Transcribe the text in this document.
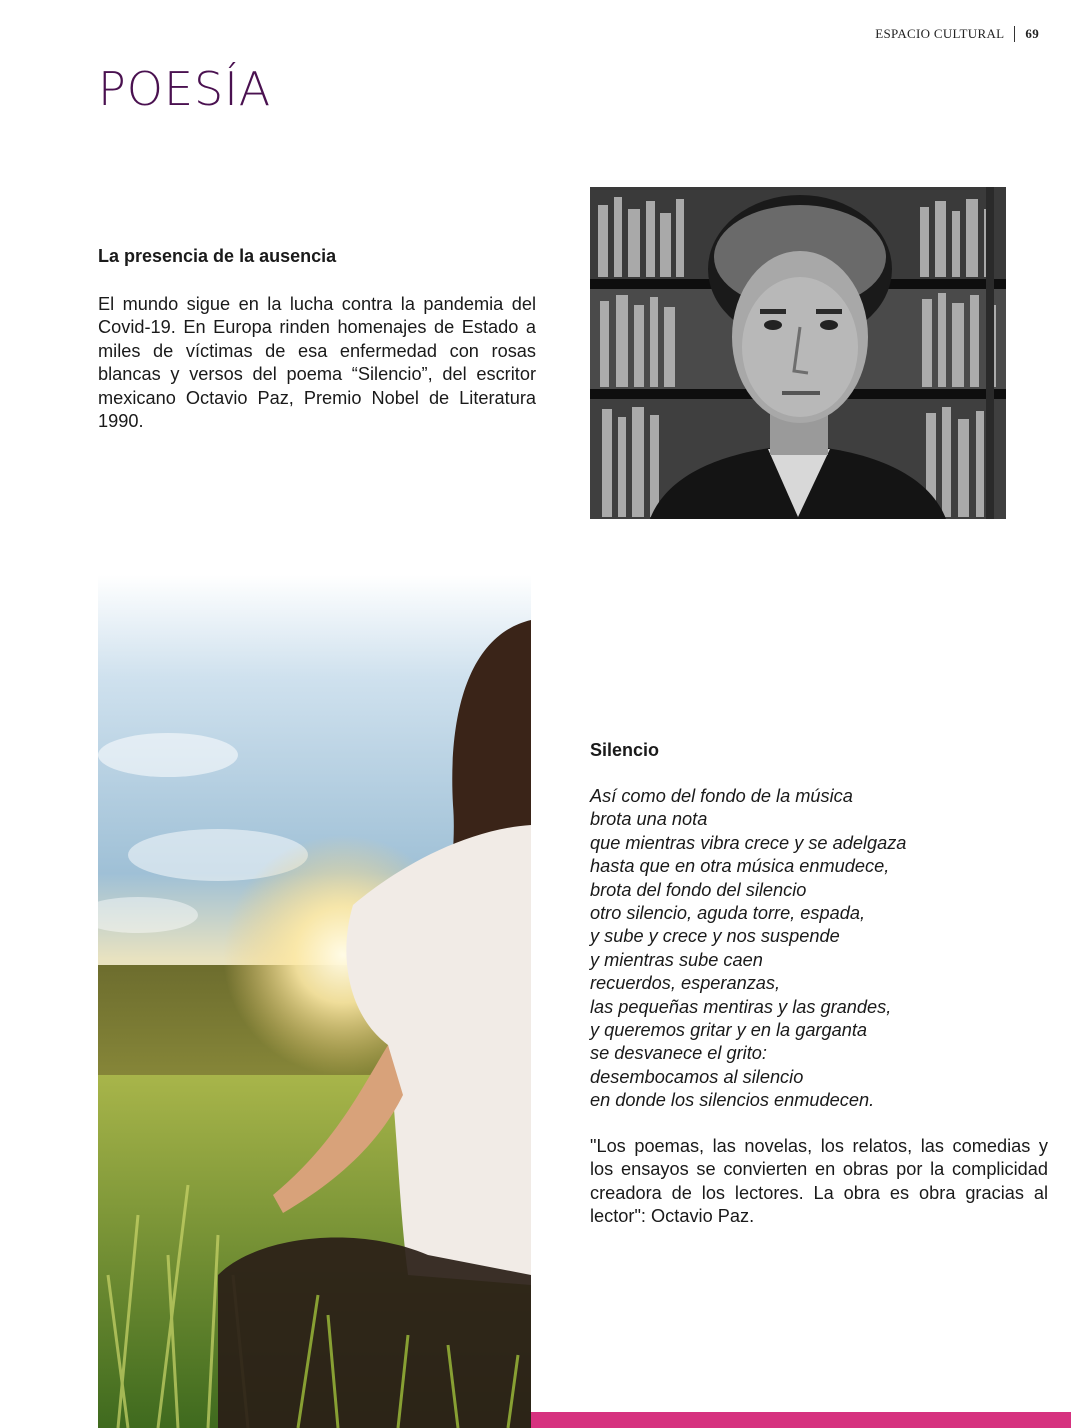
ESPACIO CULTURAL 69
POESÍA
La presencia de la ausencia

El mundo sigue en la lucha contra la pandemia del Covid-19. En Europa rinden homenajes de Estado a miles de víctimas de esa enfermedad con rosas blancas y versos del poema “Silencio”, del escritor mexicano Octavio Paz, Premio Nobel de Literatura 1990.

Silencio
Así como del fondo de la música
brota una nota
que mientras vibra crece y se adelgaza
hasta que en otra música enmudece,
brota del fondo del silencio
otro silencio, aguda torre, espada,
y sube y crece y nos suspende
y mientras sube caen
recuerdos, esperanzas,
las pequeñas mentiras y las grandes,
y queremos gritar y en la garganta
se desvanece el grito:
desembocamos al silencio
en donde los silencios enmudecen.

"Los poemas, las novelas, los relatos, las comedias y los ensayos se convierten en obras por la complicidad creadora de los lectores. La obra es obra gracias al lector": Octavio Paz.
